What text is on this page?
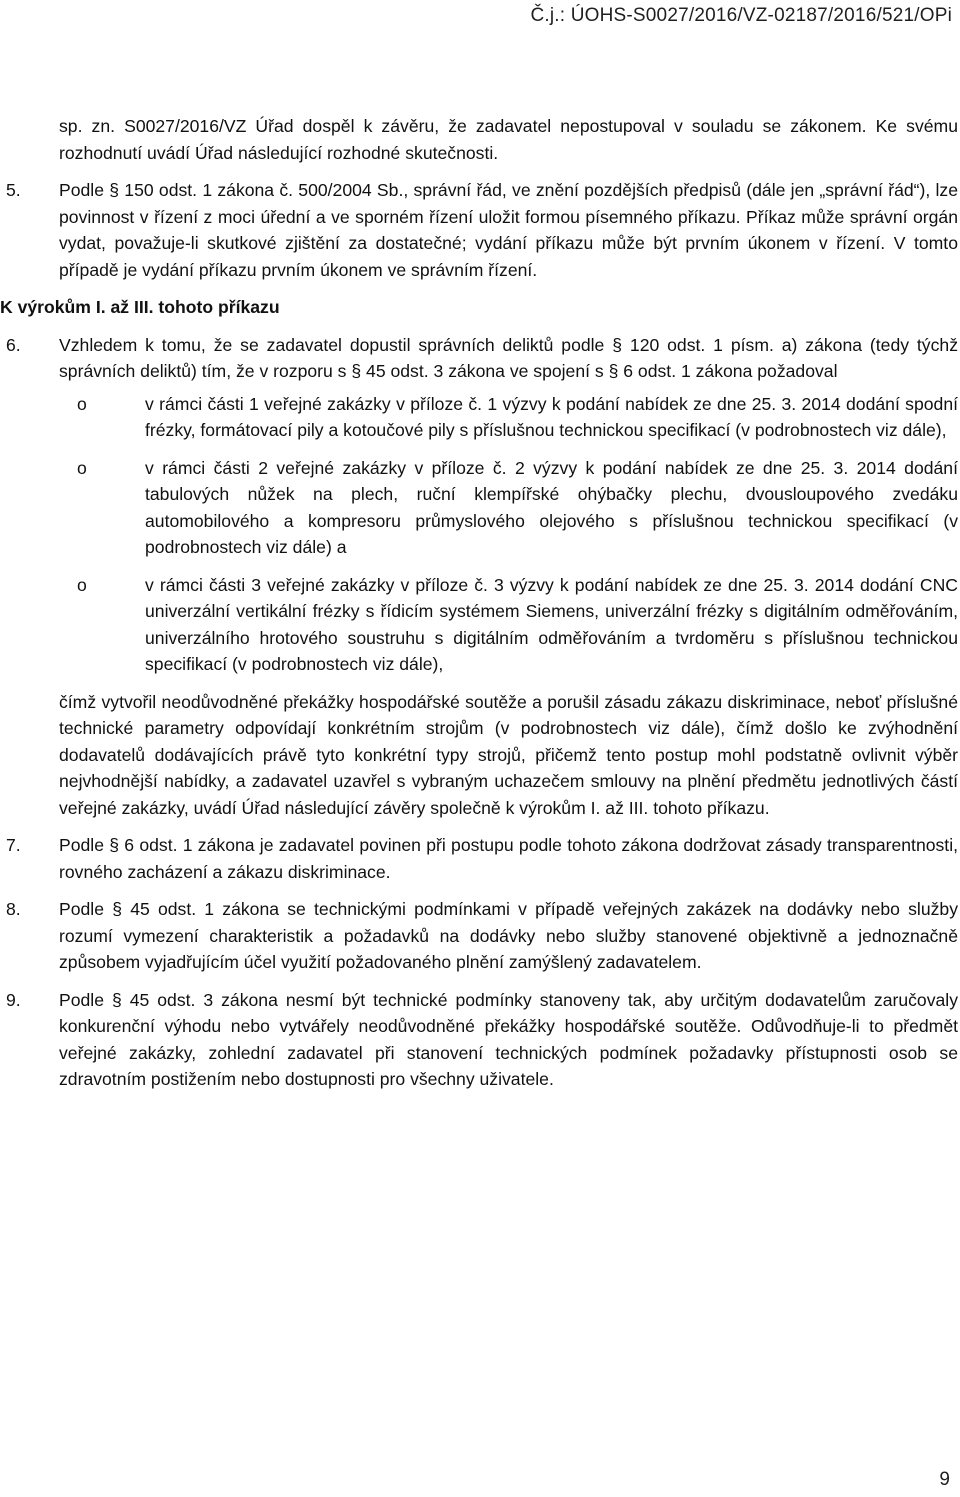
Č.j.: ÚOHS-S0027/2016/VZ-02187/2016/521/OPi

sp. zn. S0027/2016/VZ Úřad dospěl k závěru, že zadavatel nepostupoval v souladu se zákonem. Ke svému rozhodnutí uvádí Úřad následující rozhodné skutečnosti.

5.	Podle § 150 odst. 1 zákona č. 500/2004 Sb., správní řád, ve znění pozdějších předpisů (dále jen „správní řád“), lze povinnost v řízení z moci úřední a ve sporném řízení uložit formou písemného příkazu. Příkaz může správní orgán vydat, považuje-li skutkové zjištění za dostatečné; vydání příkazu může být prvním úkonem v řízení. V tomto případě je vydání příkazu prvním úkonem ve správním řízení.

K výrokům I. až III. tohoto příkazu

6.	Vzhledem k tomu, že se zadavatel dopustil správních deliktů podle § 120 odst. 1 písm. a) zákona (tedy týchž správních deliktů) tím, že v rozporu s § 45 odst. 3 zákona ve spojení s § 6 odst. 1 zákona požadoval

o	v rámci části 1 veřejné zakázky v příloze č. 1 výzvy k podání nabídek ze dne 25. 3. 2014 dodání spodní frézky, formátovací pily a kotoučové pily s příslušnou technickou specifikací (v podrobnostech viz dále),
o	v rámci části 2 veřejné zakázky v příloze č. 2 výzvy k podání nabídek ze dne 25. 3. 2014 dodání tabulových nůžek na plech, ruční klempířské ohýbačky plechu, dvousloupového zvedáku automobilového a kompresoru průmyslového olejového s příslušnou technickou specifikací (v podrobnostech viz dále) a
o	v rámci části 3 veřejné zakázky v příloze č. 3 výzvy k podání nabídek ze dne 25. 3. 2014 dodání CNC univerzální vertikální frézky s řídicím systémem Siemens, univerzální frézky s digitálním odměřováním, univerzálního hrotového soustruhu s digitálním odměřováním a tvrdoměru s příslušnou technickou specifikací (v podrobnostech viz dále),

čímž vytvořil neodůvodněné překážky hospodářské soutěže a porušil zásadu zákazu diskriminace, neboť příslušné technické parametry odpovídají konkrétním strojům (v podrobnostech viz dále), čímž došlo ke zvýhodnění dodavatelů dodávajících právě tyto konkrétní typy strojů, přičemž tento postup mohl podstatně ovlivnit výběr nejvhodnější nabídky, a zadavatel uzavřel s vybraným uchazečem smlouvy na plnění předmětu jednotlivých částí veřejné zakázky, uvádí Úřad následující závěry společně k výrokům I. až III. tohoto příkazu.

7.	Podle § 6 odst. 1 zákona je zadavatel povinen při postupu podle tohoto zákona dodržovat zásady transparentnosti, rovného zacházení a zákazu diskriminace.

8.	Podle § 45 odst. 1 zákona se technickými podmínkami v případě veřejných zakázek na dodávky nebo služby rozumí vymezení charakteristik a požadavků na dodávky nebo služby stanovené objektivně a jednoznačně způsobem vyjadřujícím účel využití požadovaného plnění zamýšlený zadavatelem.

9.	Podle § 45 odst. 3 zákona nesmí být technické podmínky stanoveny tak, aby určitým dodavatelům zaručovaly konkurenční výhodu nebo vytvářely neodůvodněné překážky hospodářské soutěže. Odůvodňuje-li to předmět veřejné zakázky, zohlední zadavatel při stanovení technických podmínek požadavky přístupnosti osob se zdravotním postižením nebo dostupnosti pro všechny uživatele.

9
